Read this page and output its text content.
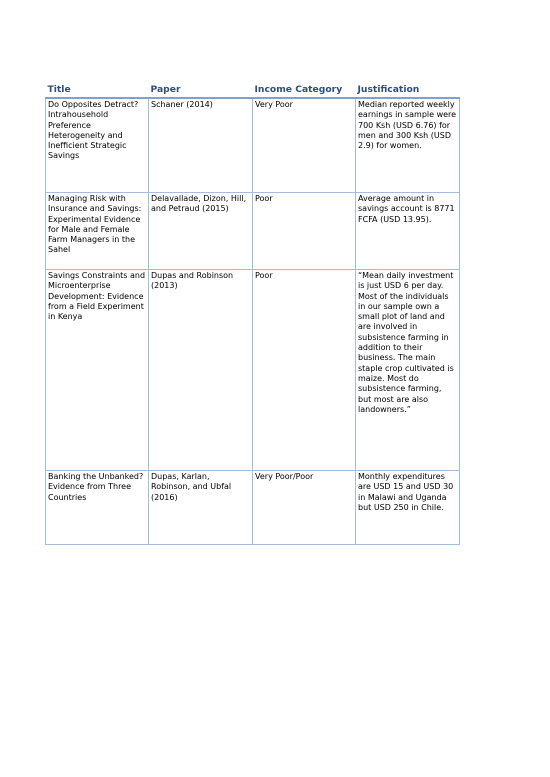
Title	Paper	Income Category	Justification
Do Opposites Detract? Intrahousehold Preference Heterogeneity and Inefficient Strategic Savings	Schaner (2014)	Very Poor	Median reported weekly earnings in sample were 700 Ksh (USD 6.76) for men and 300 Ksh (USD 2.9) for women.
Managing Risk with Insurance and Savings: Experimental Evidence for Male and Female Farm Managers in the Sahel	Delavallade, Dizon, Hill, and Petraud (2015)	Poor	Average amount in savings account is 8771 FCFA (USD 13.95).
Savings Constraints and Microenterprise Development: Evidence from a Field Experiment in Kenya	Dupas and Robinson (2013)	Poor	“Mean daily investment is just USD 6 per day. Most of the individuals in our sample own a small plot of land and are involved in subsistence farming in addition to their business. The main staple crop cultivated is maize. Most do subsistence farming, but most are also landowners.”
Banking the Unbanked? Evidence from Three Countries	Dupas, Karlan, Robinson, and Ubfal (2016)	Very Poor/Poor	Monthly expenditures are USD 15 and USD 30 in Malawi and Uganda but USD 250 in Chile.
